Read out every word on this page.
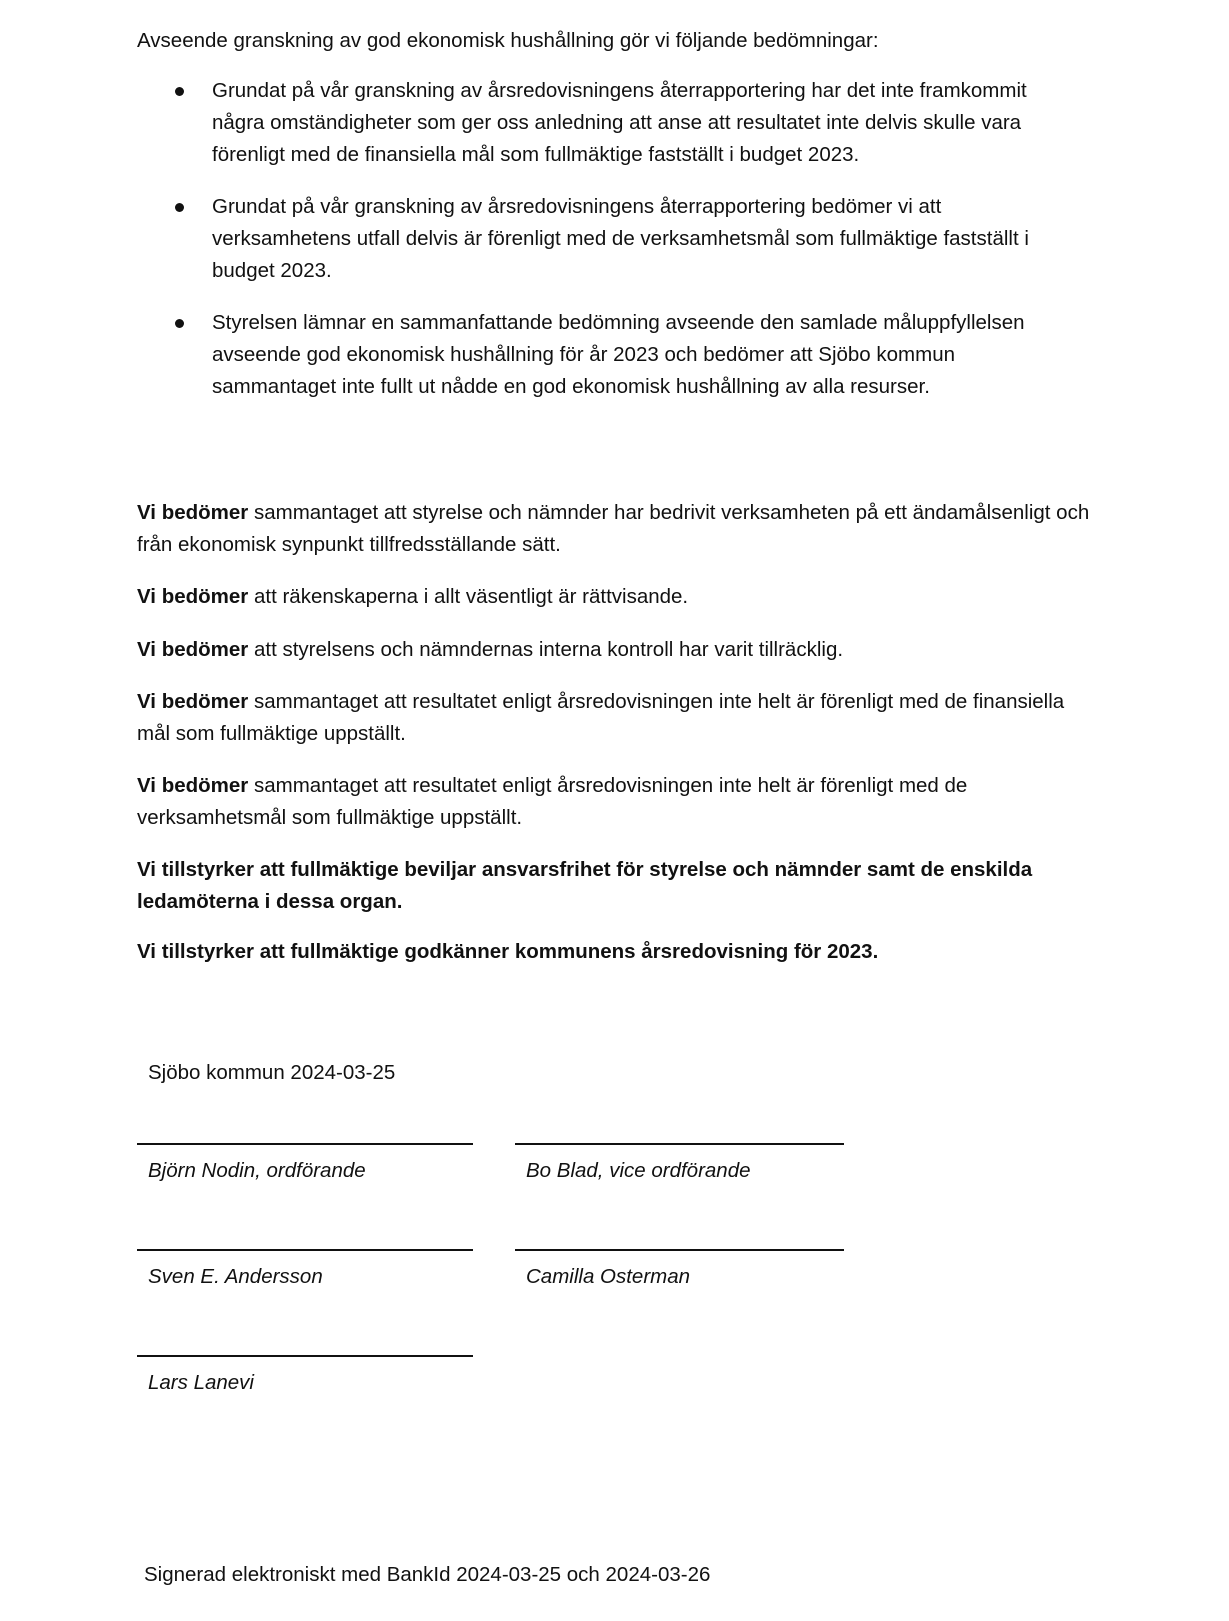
Avseende granskning av god ekonomisk hushållning gör vi följande bedömningar:

Grundat på vår granskning av årsredovisningens återrapportering har det inte framkommit några omständigheter som ger oss anledning att anse att resultatet inte delvis skulle vara förenligt med de finansiella mål som fullmäktige fastställt i budget 2023.
Grundat på vår granskning av årsredovisningens återrapportering bedömer vi att verksamhetens utfall delvis är förenligt med de verksamhetsmål som fullmäktige fastställt i budget 2023.
Styrelsen lämnar en sammanfattande bedömning avseende den samlade måluppfyllelsen avseende god ekonomisk hushållning för år 2023 och bedömer att Sjöbo kommun sammantaget inte fullt ut nådde en god ekonomisk hushållning av alla resurser.

Vi bedömer sammantaget att styrelse och nämnder har bedrivit verksamheten på ett ändamålsenligt och från ekonomisk synpunkt tillfredsställande sätt.

Vi bedömer att räkenskaperna i allt väsentligt är rättvisande.

Vi bedömer att styrelsens och nämndernas interna kontroll har varit tillräcklig.

Vi bedömer sammantaget att resultatet enligt årsredovisningen inte helt är förenligt med de finansiella mål som fullmäktige uppställt.

Vi bedömer sammantaget att resultatet enligt årsredovisningen inte helt är förenligt med de verksamhetsmål som fullmäktige uppställt.

Vi tillstyrker att fullmäktige beviljar ansvarsfrihet för styrelse och nämnder samt de enskilda ledamöterna i dessa organ.

Vi tillstyrker att fullmäktige godkänner kommunens årsredovisning för 2023.

Sjöbo kommun 2024-03-25
Björn Nodin, ordförande	Bo Blad, vice ordförande
Sven E. Andersson	Camilla Osterman
Lars Lanevi
Signerad elektroniskt med BankId 2024-03-25 och 2024-03-26
